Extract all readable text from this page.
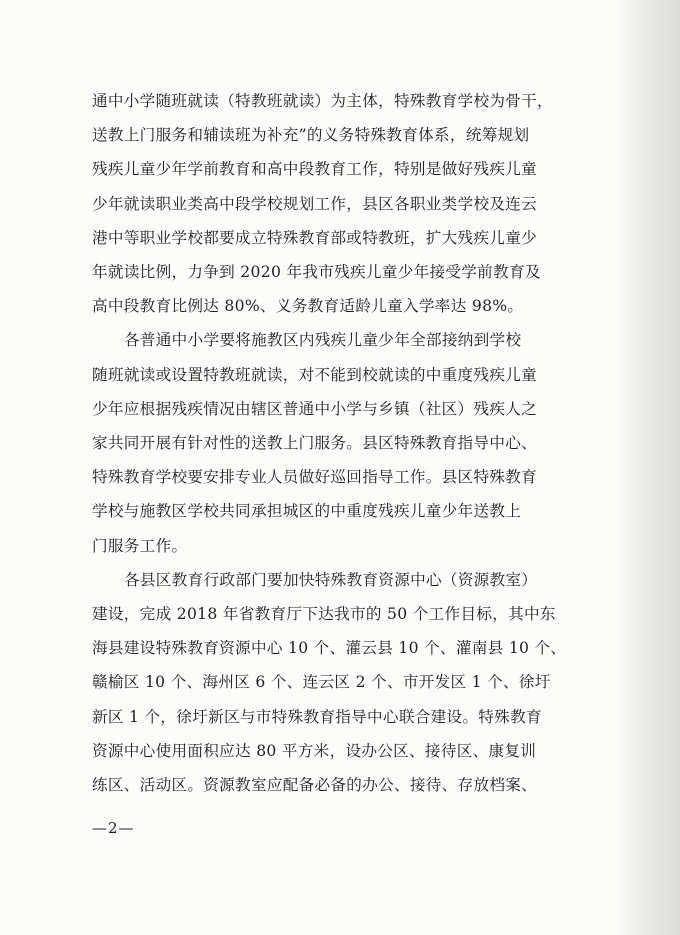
通中小学随班就读（特教班就读）为主体，特殊教育学校为骨干，
送教上门服务和辅读班为补充”的义务特殊教育体系，统筹规划
残疾儿童少年学前教育和高中段教育工作，特别是做好残疾儿童
少年就读职业类高中段学校规划工作，县区各职业类学校及连云
港中等职业学校都要成立特殊教育部或特教班，扩大残疾儿童少
年就读比例，力争到 2020 年我市残疾儿童少年接受学前教育及
高中段教育比例达 80%、义务教育适龄儿童入学率达 98%。

各普通中小学要将施教区内残疾儿童少年全部接纳到学校
随班就读或设置特教班就读，对不能到校就读的中重度残疾儿童
少年应根据残疾情况由辖区普通中小学与乡镇（社区）残疾人之
家共同开展有针对性的送教上门服务。县区特殊教育指导中心、
特殊教育学校要安排专业人员做好巡回指导工作。县区特殊教育
学校与施教区学校共同承担城区的中重度残疾儿童少年送教上
门服务工作。

各县区教育行政部门要加快特殊教育资源中心（资源教室）
建设，完成 2018 年省教育厅下达我市的 50 个工作目标，其中东
海县建设特殊教育资源中心 10 个、灌云县 10 个、灌南县 10 个、
赣榆区 10 个、海州区 6 个、连云区 2 个、市开发区 1 个、徐圩
新区 1 个，徐圩新区与市特殊教育指导中心联合建设。特殊教育
资源中心使用面积应达 80 平方米，设办公区、接待区、康复训
练区、活动区。资源教室应配备必备的办公、接待、存放档案、

—2—
